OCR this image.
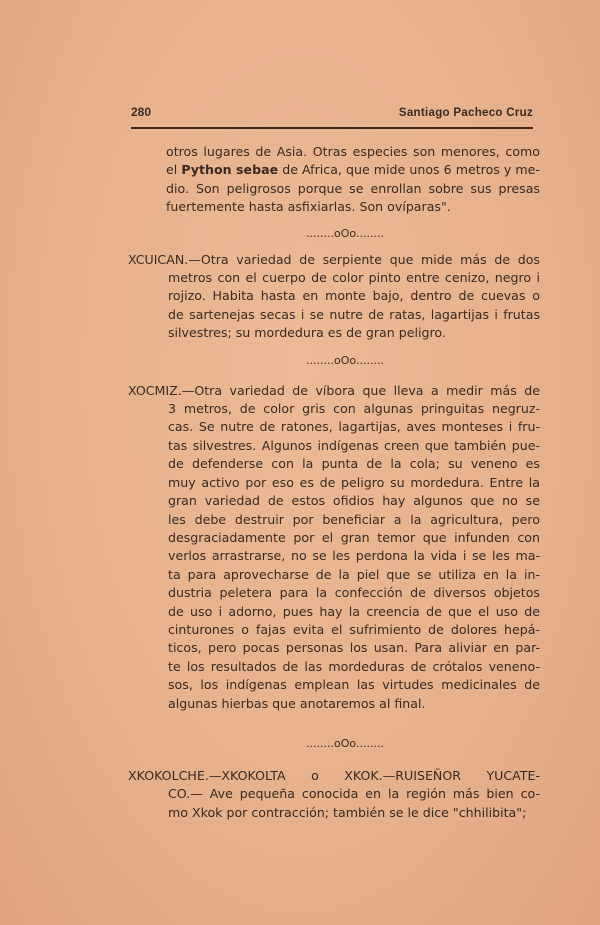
280	Santiago Pacheco Cruz
otros lugares de Asia. Otras especies son menores, como
el Python sebae de Africa, que mide unos 6 metros y me-
dio. Son peligrosos porque se enrollan sobre sus presas
fuertemente hasta asfixiarlas. Son ovíparas".
........oOo........
XCUICAN.—Otra variedad de serpiente que mide más de dos
metros con el cuerpo de color pinto entre cenizo, negro i
rojizo. Habita hasta en monte bajo, dentro de cuevas o
de sartenejas secas i se nutre de ratas, lagartijas i frutas
silvestres; su mordedura es de gran peligro.
........oOo........
XOCMIZ.—Otra variedad de víbora que lleva a medir más de
3 metros, de color gris con algunas pringuitas negruz-
cas. Se nutre de ratones, lagartijas, aves monteses i fru-
tas silvestres. Algunos indígenas creen que también pue-
de defenderse con la punta de la cola; su veneno es
muy activo por eso es de peligro su mordedura. Entre la
gran variedad de estos ofidios hay algunos que no se
les debe destruir por beneficiar a la agricultura, pero
desgraciadamente por el gran temor que infunden con
verlos arrastrarse, no se les perdona la vida i se les ma-
ta para aprovecharse de la piel que se utiliza en la in-
dustria peletera para la confección de diversos objetos
de uso i adorno, pues hay la creencia de que el uso de
cinturones o fajas evita el sufrimiento de dolores hepá-
ticos, pero pocas personas los usan. Para aliviar en par-
te los resultados de las mordeduras de crótalos veneno-
sos, los indígenas emplean las virtudes medicinales de
algunas hierbas que anotaremos al final.
........oOo........
XKOKOLCHE.—XKOKOLTA o XKOK.—RUISEÑOR YUCATE-
CO.— Ave pequeña conocida en la región más bien co-
mo Xkok por contracción; también se le dice "chhilibita";
